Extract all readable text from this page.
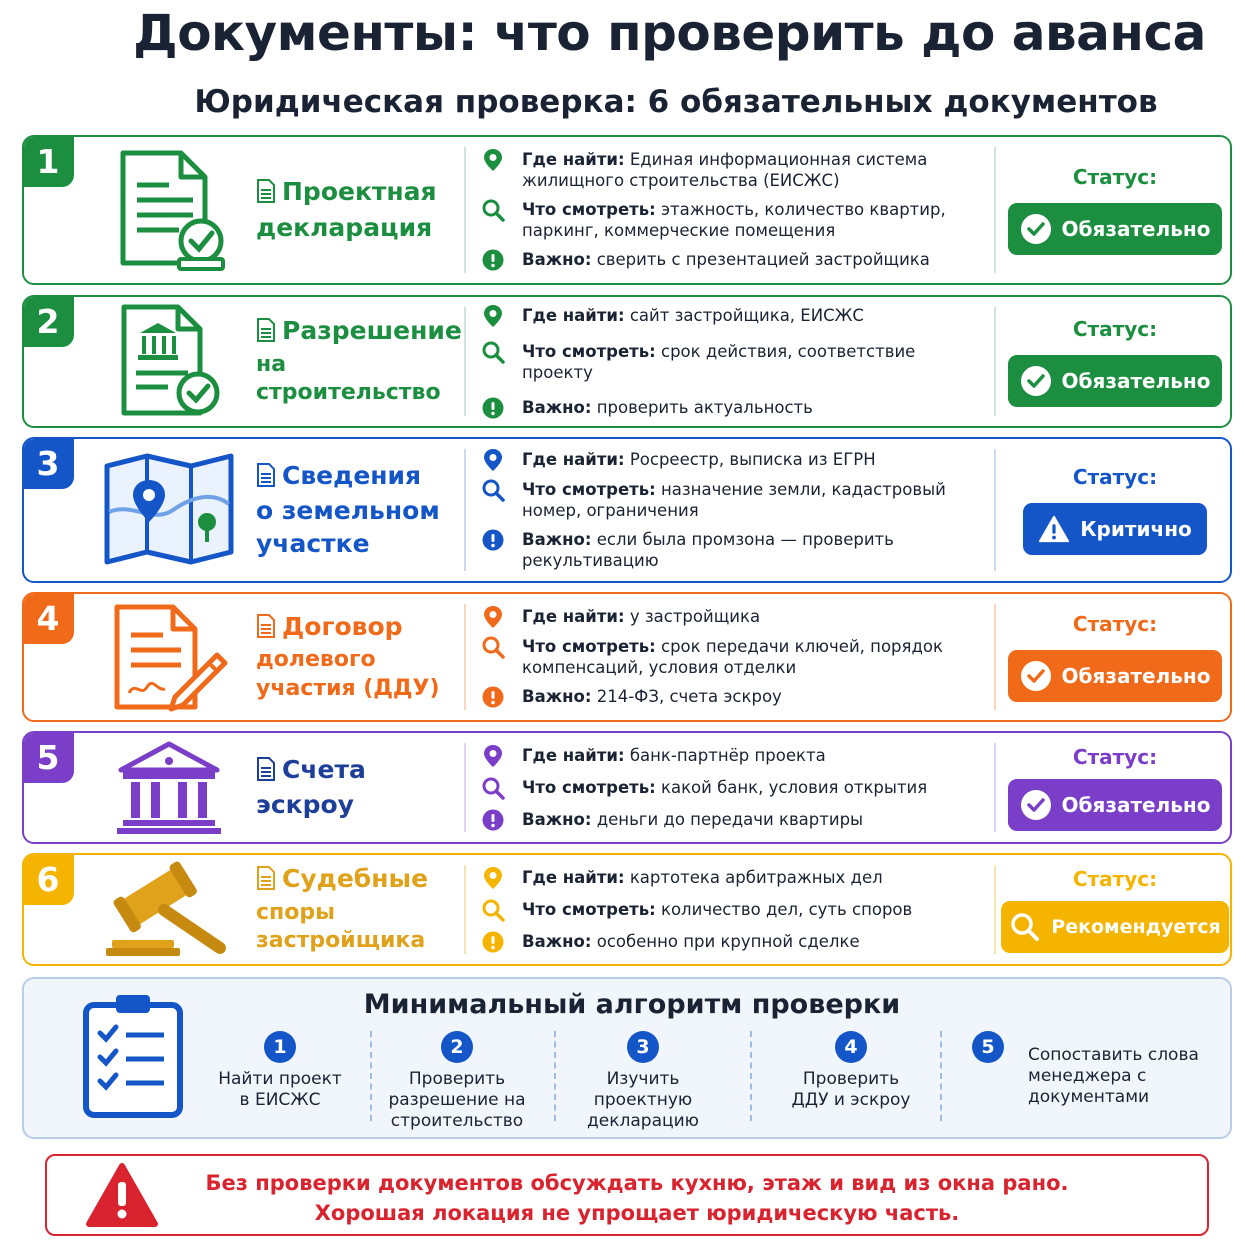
Документы: что проверить до аванса
Юридическая проверка: 6 обязательных документов
1
Проектная
декларация
Где найти: Единая информационная система жилищного строительства (ЕИСЖС)
Что смотреть: этажность, количество квартир, паркинг, коммерческие помещения
Важно: сверить с презентацией застройщика
Статус:
Обязательно
2	Разрешение
на строительство
Где найти: сайт застройщика, ЕИСЖС
Что смотреть: срок действия, соответствие проекту
Важно: проверить актуальность
Статус:
Обязательно
3	Сведения
о земельном участке
Где найти: Росреестр, выписка из ЕГРН
Что смотреть: назначение земли, кадастровый номер, ограничения
Важно: если была промзона — проверить рекультивацию
Статус:
Критично
4	Договор
долевого участия (ДДУ)
Где найти: у застройщика
Что смотреть: срок передачи ключей, порядок компенсаций, условия отделки
Важно: 214-ФЗ, счета эскроу
Статус:
Обязательно
5	Счета
эскроу
Где найти: банк-партнёр проекта
Что смотреть: какой банк, условия открытия
Важно: деньги до передачи квартиры
Статус:
Обязательно
6	Судебные
споры застройщика
Где найти: картотека арбитражных дел
Что смотреть: количество дел, суть споров
Важно: особенно при крупной сделке
Статус:
Рекомендуется
Минимальный алгоритм проверки
1
Найти проект
в ЕИСЖС
2
Проверить
разрешение на
строительство
3
Изучить
проектную
декларацию
4
Проверить
ДДУ и эскроу
5	Сопоставить слова
менеджера с
документами
Без проверки документов обсуждать кухню, этаж и вид из окна рано.
Хорошая локация не упрощает юридическую часть.
